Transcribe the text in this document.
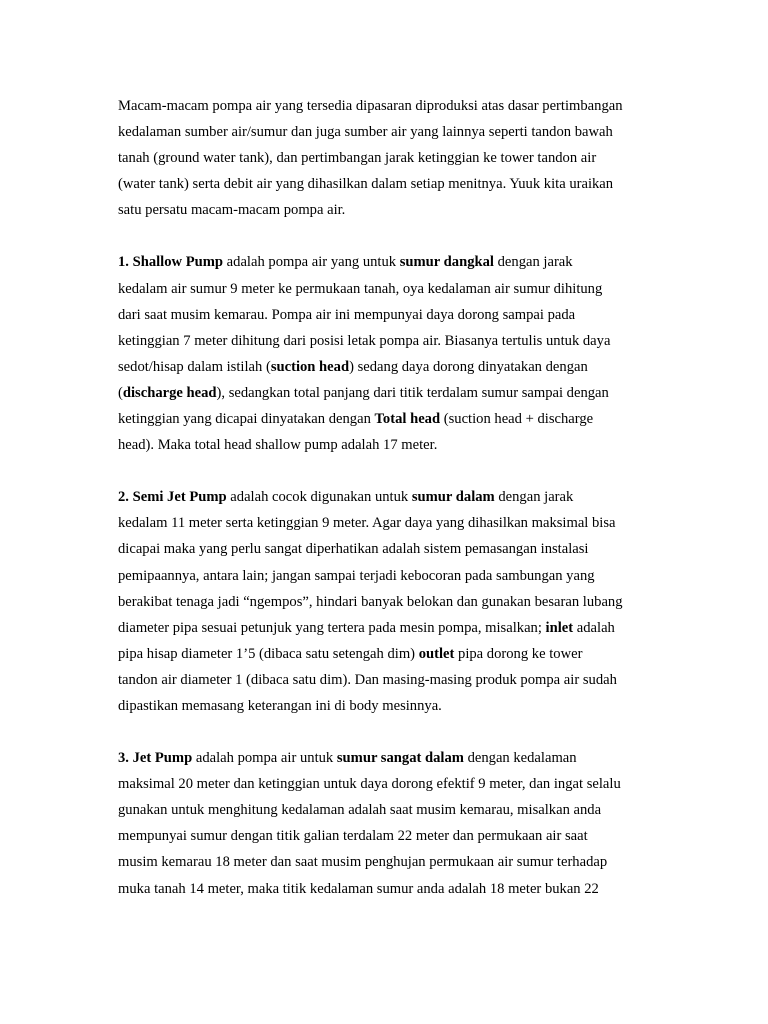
Macam-macam pompa air yang tersedia dipasaran diproduksi atas dasar pertimbangan
kedalaman sumber air/sumur dan juga sumber air yang lainnya seperti tandon bawah
tanah (ground water tank), dan pertimbangan jarak ketinggian ke tower tandon air
(water tank) serta debit air yang dihasilkan dalam setiap menitnya. Yuuk kita uraikan
satu persatu macam-macam pompa air.

1. Shallow Pump adalah pompa air yang untuk sumur dangkal dengan jarak
kedalam air sumur 9 meter ke permukaan tanah, oya kedalaman air sumur dihitung
dari saat musim kemarau. Pompa air ini mempunyai daya dorong sampai pada
ketinggian 7 meter dihitung dari posisi letak pompa air. Biasanya tertulis untuk daya
sedot/hisap dalam istilah (suction head) sedang daya dorong dinyatakan dengan
(discharge head), sedangkan total panjang dari titik terdalam sumur sampai dengan
ketinggian yang dicapai dinyatakan dengan Total head (suction head + discharge
head). Maka total head shallow pump adalah 17 meter.

2. Semi Jet Pump adalah cocok digunakan untuk sumur dalam dengan jarak
kedalam 11 meter serta ketinggian 9 meter. Agar daya yang dihasilkan maksimal bisa
dicapai maka yang perlu sangat diperhatikan adalah sistem pemasangan instalasi
pemipaannya, antara lain; jangan sampai terjadi kebocoran pada sambungan yang
berakibat tenaga jadi “ngempos”, hindari banyak belokan dan gunakan besaran lubang
diameter pipa sesuai petunjuk yang tertera pada mesin pompa, misalkan; inlet adalah
pipa hisap diameter 1’5 (dibaca satu setengah dim) outlet pipa dorong ke tower
tandon air diameter 1 (dibaca satu dim). Dan masing-masing produk pompa air sudah
dipastikan memasang keterangan ini di body mesinnya.

3. Jet Pump adalah pompa air untuk sumur sangat dalam dengan kedalaman
maksimal 20 meter dan ketinggian untuk daya dorong efektif 9 meter, dan ingat selalu
gunakan untuk menghitung kedalaman adalah saat musim kemarau, misalkan anda
mempunyai sumur dengan titik galian terdalam 22 meter dan permukaan air saat
musim kemarau 18 meter dan saat musim penghujan permukaan air sumur terhadap
muka tanah 14 meter, maka titik kedalaman sumur anda adalah 18 meter bukan 22
